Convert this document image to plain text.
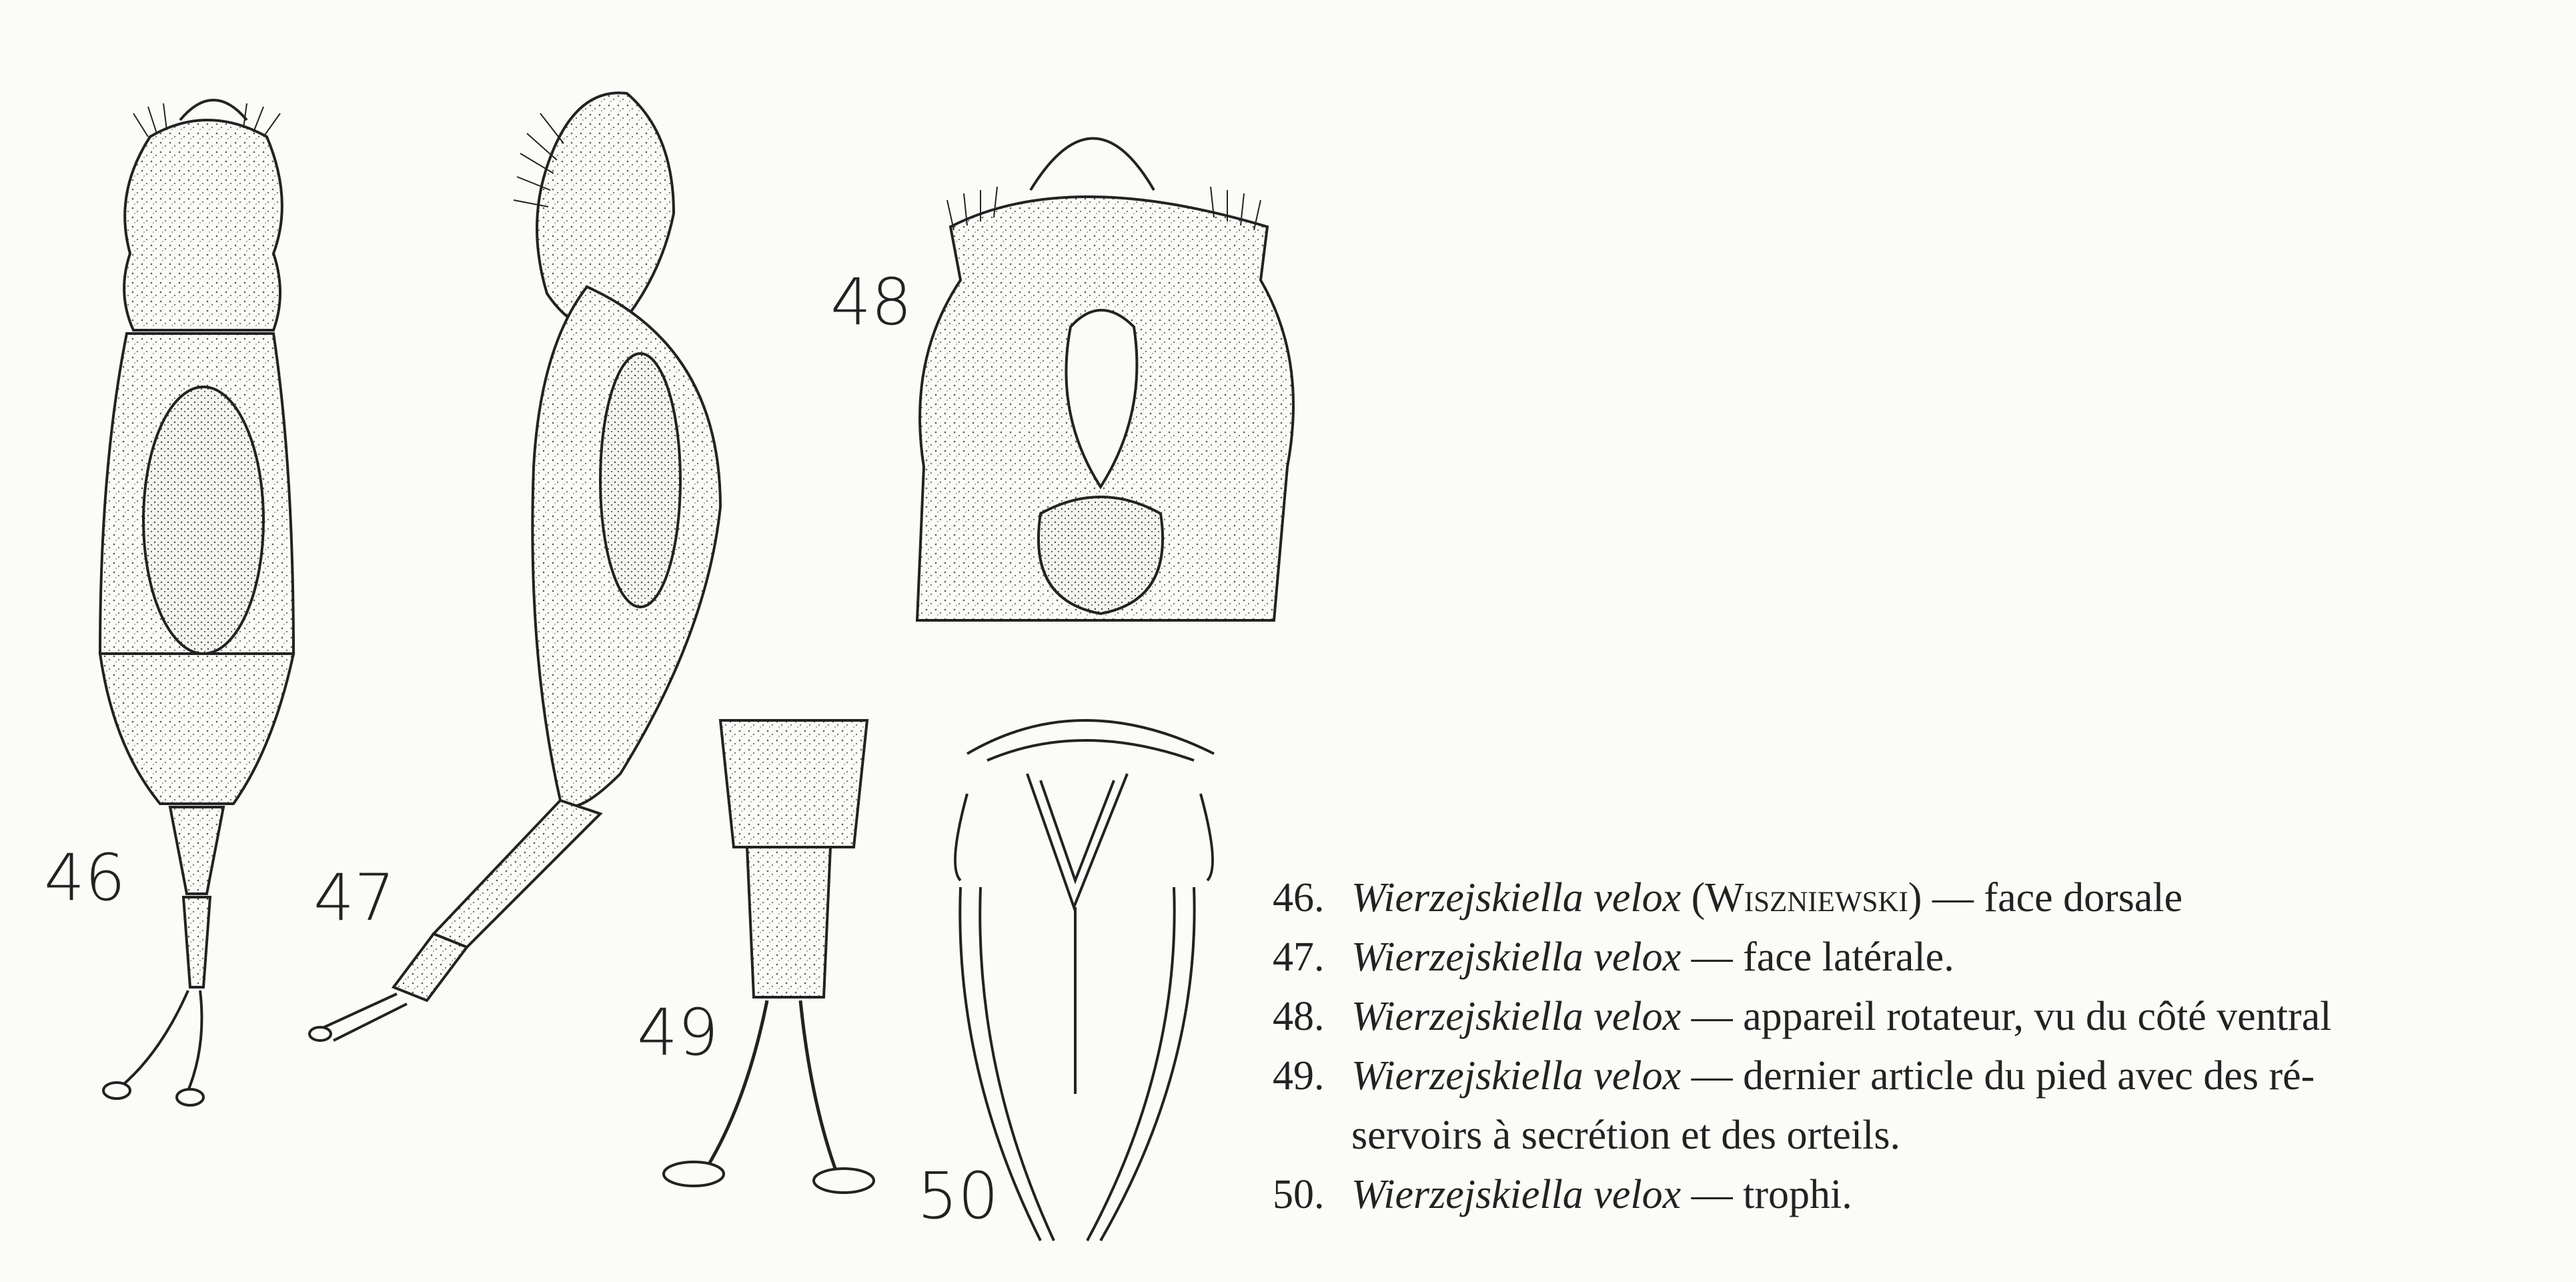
46	47
48
49
50
46. Wierzejskiella velox (Wiszniewski) — face dorsale
47. Wierzejskiella velox — face latérale.
48. Wierzejskiella velox — appareil rotateur, vu du côté ventral
49. Wierzejskiella velox — dernier article du pied avec des ré-
servoirs à secrétion et des orteils.
50. Wierzejskiella velox — trophi.
